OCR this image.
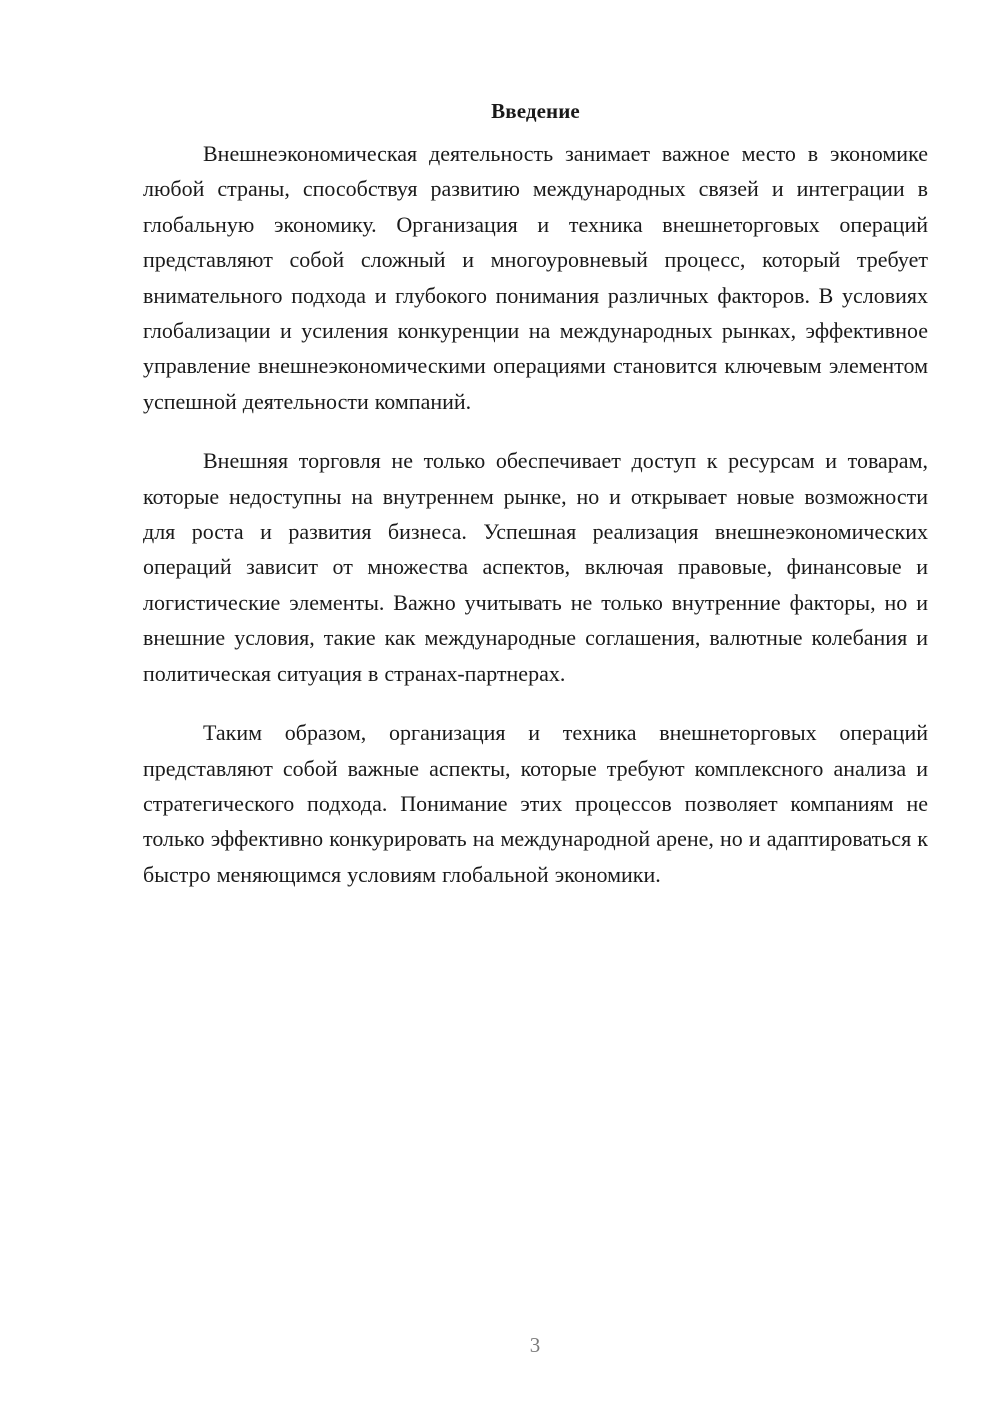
Введение

Внешнеэкономическая деятельность занимает важное место в экономике любой страны, способствуя развитию международных связей и интеграции в глобальную экономику. Организация и техника внешнеторговых операций представляют собой сложный и многоуровневый процесс, который требует внимательного подхода и глубокого понимания различных факторов. В условиях глобализации и усиления конкуренции на международных рынках, эффективное управление внешнеэкономическими операциями становится ключевым элементом успешной деятельности компаний.

Внешняя торговля не только обеспечивает доступ к ресурсам и товарам, которые недоступны на внутреннем рынке, но и открывает новые возможности для роста и развития бизнеса. Успешная реализация внешнеэкономических операций зависит от множества аспектов, включая правовые, финансовые и логистические элементы. Важно учитывать не только внутренние факторы, но и внешние условия, такие как международные соглашения, валютные колебания и политическая ситуация в странах-партнерах.

Таким образом, организация и техника внешнеторговых операций представляют собой важные аспекты, которые требуют комплексного анализа и стратегического подхода. Понимание этих процессов позволяет компаниям не только эффективно конкурировать на международной арене, но и адаптироваться к быстро меняющимся условиям глобальной экономики.

3
